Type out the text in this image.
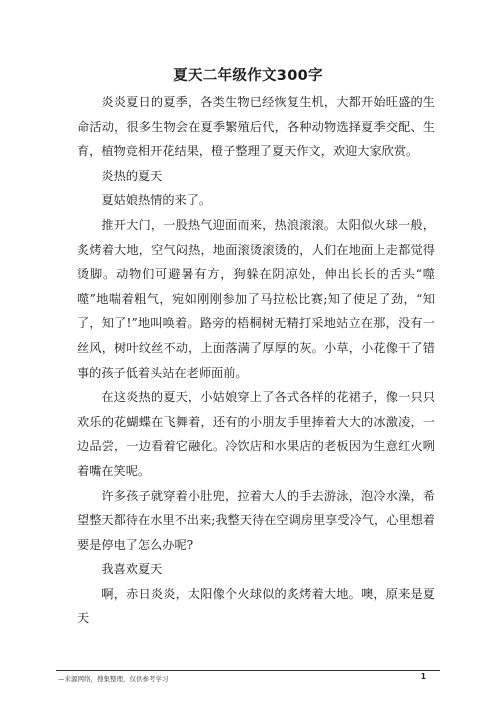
夏天二年级作文300字

炎炎夏日的夏季，各类生物已经恢复生机，大都开始旺盛的生命活动，很多生物会在夏季繁殖后代，各种动物选择夏季交配、生育，植物竞相开花结果，橙子整理了夏天作文，欢迎大家欣赏。

炎热的夏天

夏姑娘热情的来了。

推开大门，一股热气迎面而来，热浪滚滚。太阳似火球一般，炙烤着大地，空气闷热，地面滚烫滚烫的，人们在地面上走都觉得烫脚。动物们可避暑有方，狗躲在阴凉处，伸出长长的舌头“噬噬”地喘着粗气，宛如刚刚参加了马拉松比赛;知了使足了劲，“知了，知了!”地叫唤着。路旁的梧桐树无精打采地站立在那，没有一丝风，树叶纹丝不动，上面落满了厚厚的灰。小草，小花像干了错事的孩子低着头站在老师面前。

在这炎热的夏天，小姑娘穿上了各式各样的花裙子，像一只只欢乐的花蝴蝶在飞舞着，还有的小朋友手里捧着大大的冰激凌，一边品尝，一边看着它融化。冷饮店和水果店的老板因为生意红火咧着嘴在笑呢。

许多孩子就穿着小肚兜，拉着大人的手去游泳，泡冷水澡，希望整天都待在水里不出来;我整天待在空调房里享受冷气，心里想着要是停电了怎么办呢?

我喜欢夏天

啊，赤日炎炎，太阳像个火球似的炙烤着大地。噢，原来是夏天

—来源网络，搜集整理，仅供参考学习	1
